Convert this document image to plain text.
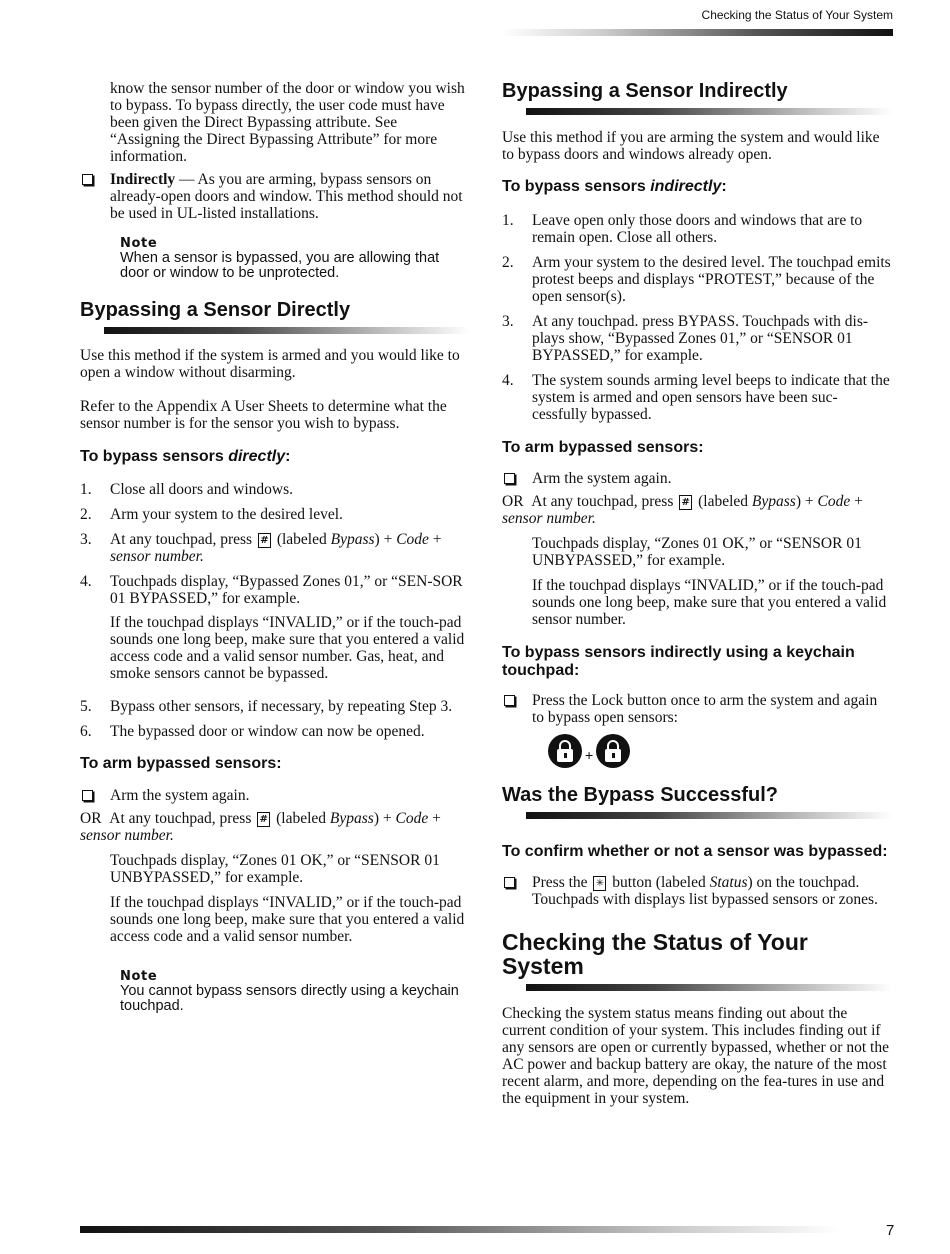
Checking the Status of Your System

know the sensor number of the door or window you wish to bypass. To bypass directly, the user code must have been given the Direct Bypassing attribute. See “Assigning the Direct Bypassing Attribute” for more information.

Indirectly — As you are arming, bypass sensors on already-open doors and window. This method should not be used in UL-listed installations.
Note
When a sensor is bypassed, you are allowing that door or window to be unprotected.
Bypassing a Sensor Directly

Use this method if the system is armed and you would like to open a window without disarming.

Refer to the Appendix A User Sheets to determine what the sensor number is for the sensor you wish to bypass.

To bypass sensors directly:
1. Close all doors and windows.
2. Arm your system to the desired level.
3. At any touchpad, press # (labeled Bypass) + Code + sensor number.
4. Touchpads display, “Bypassed Zones 01,” or “SEN-SOR 01 BYPASSED,” for example.

If the touchpad displays “INVALID,” or if the touch-pad sounds one long beep, make sure that you entered a valid access code and a valid sensor number. Gas, heat, and smoke sensors cannot be bypassed.

5. Bypass other sensors, if necessary, by repeating Step 3.
6. The bypassed door or window can now be opened.
To arm bypassed sensors:
Arm the system again.
OR At any touchpad, press # (labeled Bypass) + Code +
sensor number.

Touchpads display, “Zones 01 OK,” or “SENSOR 01 UNBYPASSED,” for example.

If the touchpad displays “INVALID,” or if the touch-pad sounds one long beep, make sure that you entered a valid access code and a valid sensor number.

Note
You cannot bypass sensors directly using a keychain touchpad.
Bypassing a Sensor Indirectly

Use this method if you are arming the system and would like to bypass doors and windows already open.

To bypass sensors indirectly:
1. Leave open only those doors and windows that are to remain open. Close all others.
2. Arm your system to the desired level. The touchpad emits protest beeps and displays “PROTEST,” because of the open sensor(s).
3. At any touchpad. press BYPASS. Touchpads with dis-plays show, “Bypassed Zones 01,” or “SENSOR 01 BYPASSED,” for example.
4. The system sounds arming level beeps to indicate that the system is armed and open sensors have been suc-cessfully bypassed.
To arm bypassed sensors:
Arm the system again.
OR At any touchpad, press # (labeled Bypass) + Code +
sensor number.

Touchpads display, “Zones 01 OK,” or “SENSOR 01 UNBYPASSED,” for example.

If the touchpad displays “INVALID,” or if the touch-pad sounds one long beep, make sure that you entered a valid sensor number.

To bypass sensors indirectly using a keychain touchpad:
Press the Lock button once to arm the system and again to bypass open sensors:
+
Was the Bypass Successful?
To confirm whether or not a sensor was bypassed:
Press the ✳ button (labeled Status) on the touchpad. Touchpads with displays list bypassed sensors or zones.
Checking the Status of Your System

Checking the system status means finding out about the current condition of your system. This includes finding out if any sensors are open or currently bypassed, whether or not the AC power and backup battery are okay, the nature of the most recent alarm, and more, depending on the fea-tures in use and the equipment in your system.

7
